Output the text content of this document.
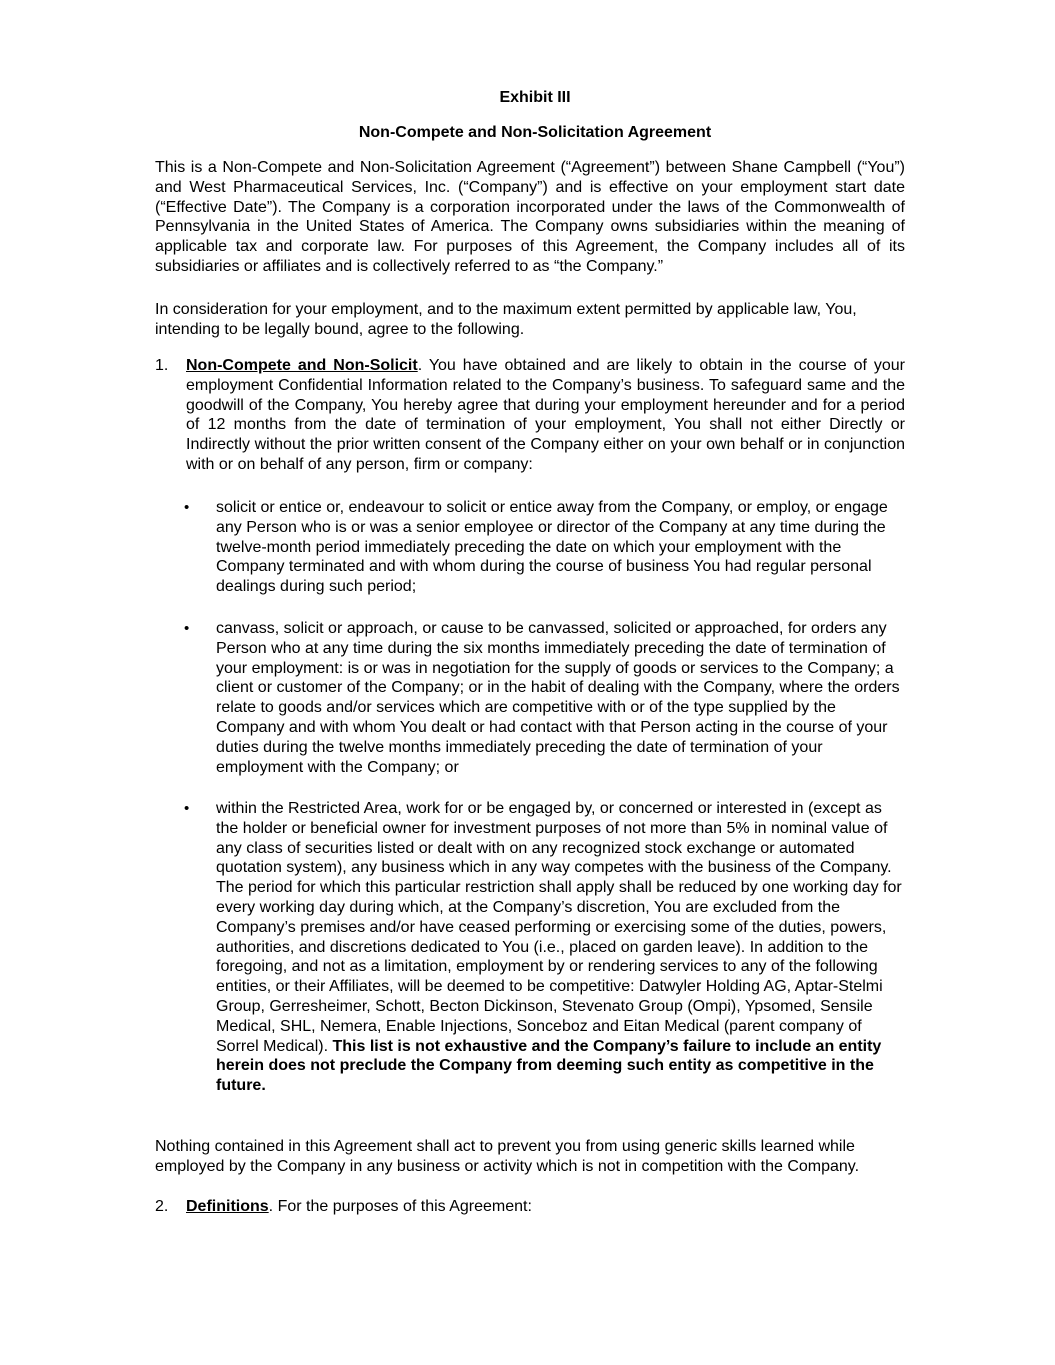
Exhibit III

Non-Compete and Non-Solicitation Agreement

This is a Non-Compete and Non-Solicitation Agreement (“Agreement”) between Shane Campbell (“You”) and West Pharmaceutical Services, Inc. (“Company”) and is effective on your employment start date (“Effective Date”). The Company is a corporation incorporated under the laws of the Commonwealth of Pennsylvania in the United States of America. The Company owns subsidiaries within the meaning of applicable tax and corporate law. For purposes of this Agreement, the Company includes all of its subsidiaries or affiliates and is collectively referred to as “the Company.”

In consideration for your employment, and to the maximum extent permitted by applicable law, You, intending to be legally bound, agree to the following.

1. Non-Compete and Non-Solicit. You have obtained and are likely to obtain in the course of your employment Confidential Information related to the Company’s business. To safeguard same and the goodwill of the Company, You hereby agree that during your employment hereunder and for a period of 12 months from the date of termination of your employment, You shall not either Directly or Indirectly without the prior written consent of the Company either on your own behalf or in conjunction with or on behalf of any person, firm or company:

• solicit or entice or, endeavour to solicit or entice away from the Company, or employ, or engage any Person who is or was a senior employee or director of the Company at any time during the twelve-month period immediately preceding the date on which your employment with the Company terminated and with whom during the course of business You had regular personal dealings during such period;

• canvass, solicit or approach, or cause to be canvassed, solicited or approached, for orders any Person who at any time during the six months immediately preceding the date of termination of your employment: is or was in negotiation for the supply of goods or services to the Company; a client or customer of the Company; or in the habit of dealing with the Company, where the orders relate to goods and/or services which are competitive with or of the type supplied by the Company and with whom You dealt or had contact with that Person acting in the course of your duties during the twelve months immediately preceding the date of termination of your employment with the Company; or

• within the Restricted Area, work for or be engaged by, or concerned or interested in (except as the holder or beneficial owner for investment purposes of not more than 5% in nominal value of any class of securities listed or dealt with on any recognized stock exchange or automated quotation system), any business which in any way competes with the business of the Company. The period for which this particular restriction shall apply shall be reduced by one working day for every working day during which, at the Company’s discretion, You are excluded from the Company’s premises and/or have ceased performing or exercising some of the duties, powers, authorities, and discretions dedicated to You (i.e., placed on garden leave). In addition to the foregoing, and not as a limitation, employment by or rendering services to any of the following entities, or their Affiliates, will be deemed to be competitive: Datwyler Holding AG, Aptar-Stelmi Group, Gerresheimer, Schott, Becton Dickinson, Stevenato Group (Ompi), Ypsomed, Sensile Medical, SHL, Nemera, Enable Injections, Sonceboz and Eitan Medical (parent company of Sorrel Medical). This list is not exhaustive and the Company’s failure to include an entity herein does not preclude the Company from deeming such entity as competitive in the future.

Nothing contained in this Agreement shall act to prevent you from using generic skills learned while employed by the Company in any business or activity which is not in competition with the Company.

2. Definitions. For the purposes of this Agreement:
